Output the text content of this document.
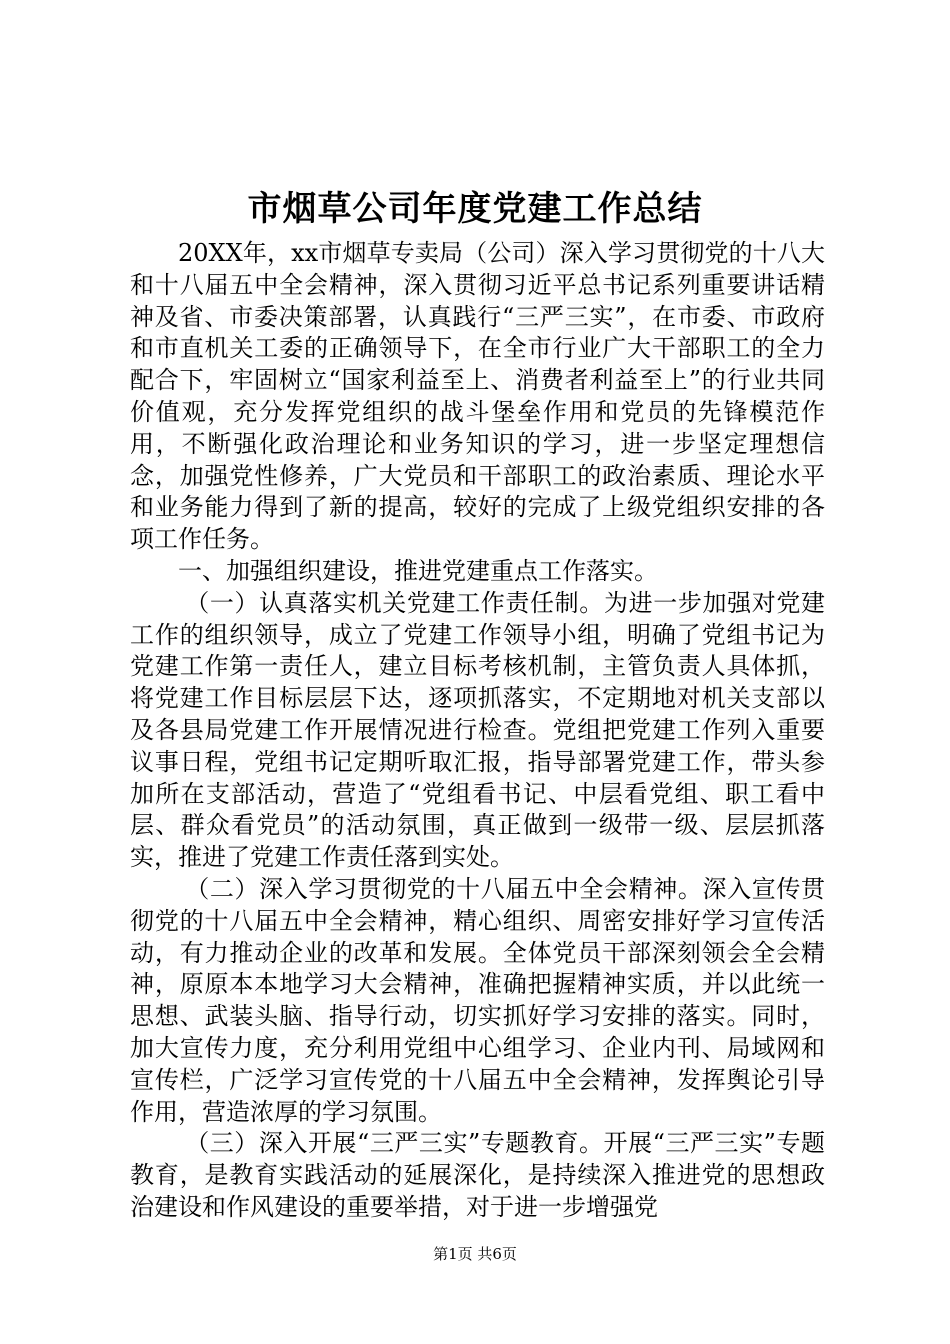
市烟草公司年度党建工作总结

20XX年，xx市烟草专卖局（公司）深入学习贯彻党的十八大和十八届五中全会精神，深入贯彻习近平总书记系列重要讲话精神及省、市委决策部署，认真践行“三严三实”，在市委、市政府和市直机关工委的正确领导下，在全市行业广大干部职工的全力配合下，牢固树立“国家利益至上、消费者利益至上”的行业共同价值观，充分发挥党组织的战斗堡垒作用和党员的先锋模范作用，不断强化政治理论和业务知识的学习，进一步坚定理想信念，加强党性修养，广大党员和干部职工的政治素质、理论水平和业务能力得到了新的提高，较好的完成了上级党组织安排的各项工作任务。

一、加强组织建设，推进党建重点工作落实。

（一）认真落实机关党建工作责任制。为进一步加强对党建工作的组织领导，成立了党建工作领导小组，明确了党组书记为党建工作第一责任人，建立目标考核机制，主管负责人具体抓，将党建工作目标层层下达，逐项抓落实，不定期地对机关支部以及各县局党建工作开展情况进行检查。党组把党建工作列入重要议事日程，党组书记定期听取汇报，指导部署党建工作，带头参加所在支部活动，营造了“党组看书记、中层看党组、职工看中层、群众看党员”的活动氛围，真正做到一级带一级、层层抓落实，推进了党建工作责任落到实处。

（二）深入学习贯彻党的十八届五中全会精神。深入宣传贯彻党的十八届五中全会精神，精心组织、周密安排好学习宣传活动，有力推动企业的改革和发展。全体党员干部深刻领会全会精神，原原本本地学习大会精神，准确把握精神实质，并以此统一思想、武装头脑、指导行动，切实抓好学习安排的落实。同时，加大宣传力度，充分利用党组中心组学习、企业内刊、局域网和宣传栏，广泛学习宣传党的十八届五中全会精神，发挥舆论引导作用，营造浓厚的学习氛围。

（三）深入开展“三严三实”专题教育。开展“三严三实”专题教育，是教育实践活动的延展深化，是持续深入推进党的思想政治建设和作风建设的重要举措，对于进一步增强党

第1页 共6页
